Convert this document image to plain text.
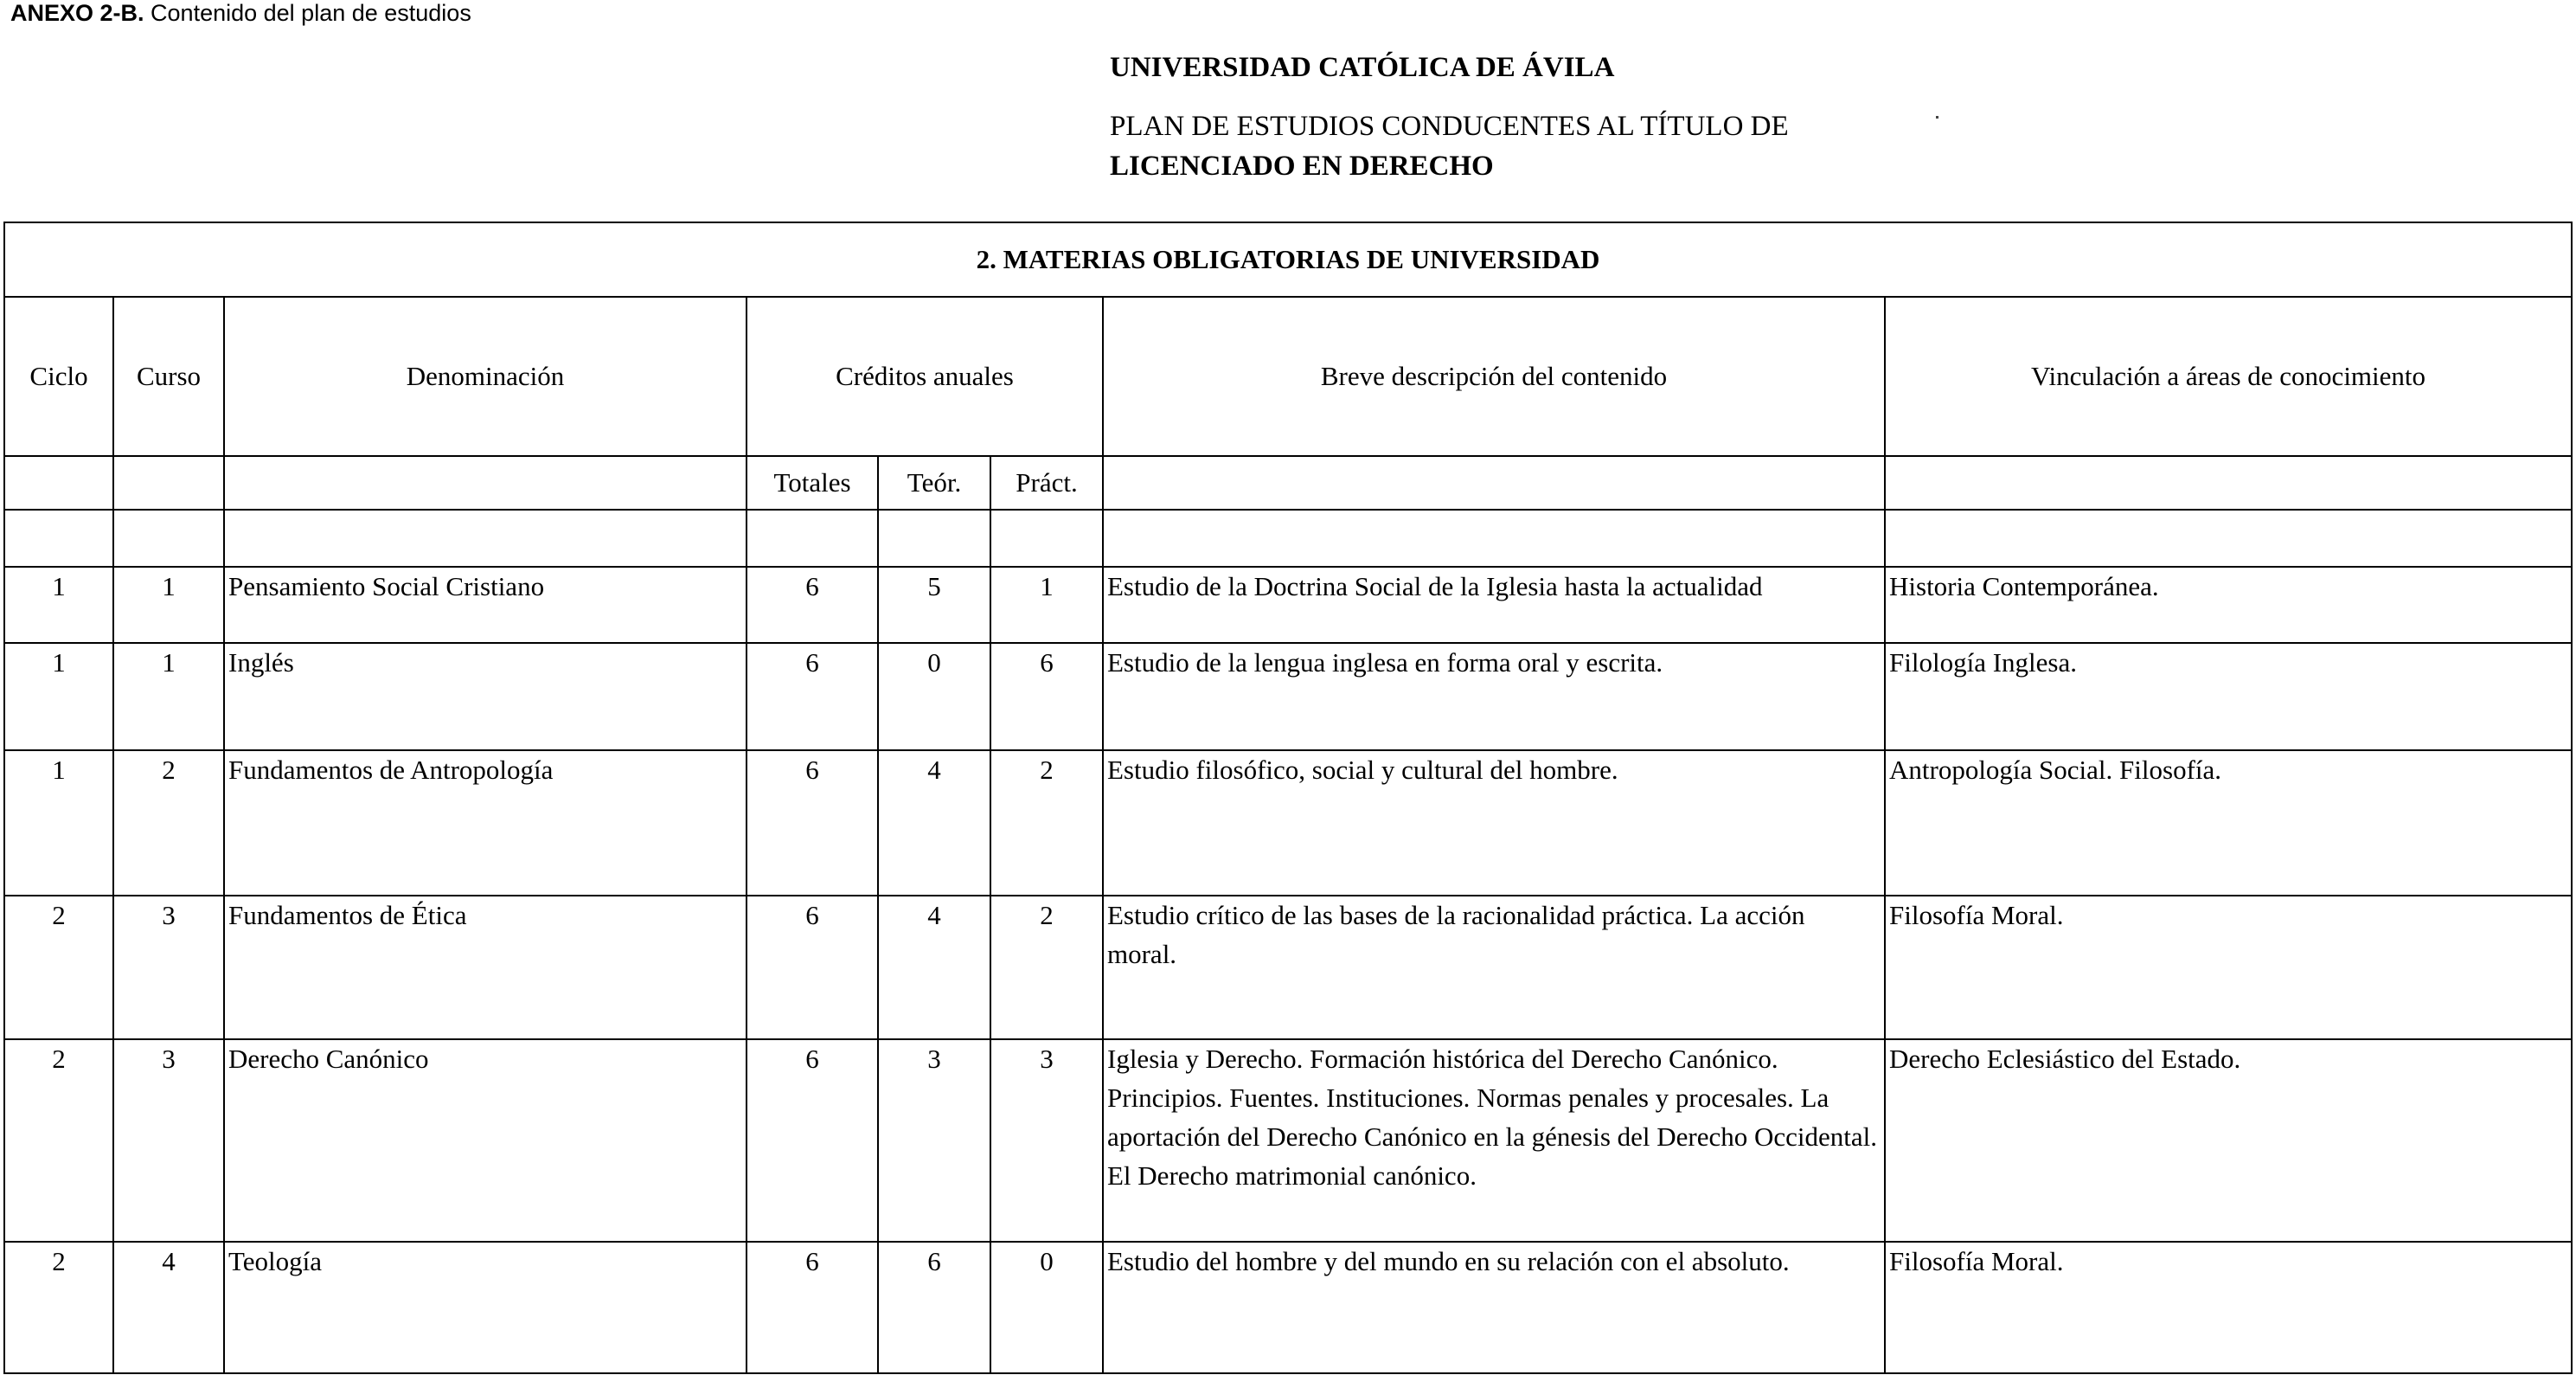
ANEXO 2-B. Contenido del plan de estudios
UNIVERSIDAD CATÓLICA DE ÁVILA
PLAN DE ESTUDIOS CONDUCENTES AL TÍTULO DE
LICENCIADO EN DERECHO
2. MATERIAS OBLIGATORIAS DE UNIVERSIDAD							
Ciclo	Curso	Denominación	Créditos anuales			Breve descripción del contenido	Vinculación a áreas de conocimiento
			Totales	Teór.	Práct.		

1	1	Pensamiento Social Cristiano	6	5	1	Estudio de la Doctrina Social de la Iglesia hasta la actualidad	Historia Contemporánea.
1	1	Inglés	6	0	6	Estudio de la lengua inglesa en forma oral y escrita.	Filología Inglesa.
1	2	Fundamentos de Antropología	6	4	2	Estudio filosófico, social y cultural del hombre.	Antropología Social. Filosofía.
2	3	Fundamentos de Ética	6	4	2	Estudio crítico de las bases de la racionalidad práctica. La acción moral.	Filosofía Moral.
2	3	Derecho Canónico	6	3	3	Iglesia y Derecho. Formación histórica del Derecho Canónico. Principios. Fuentes. Instituciones. Normas penales y procesales. La aportación del Derecho Canónico en la génesis del Derecho Occidental. El Derecho matrimonial canónico.	Derecho Eclesiástico del Estado.
2	4	Teología	6	6	0	Estudio del hombre y del mundo en su relación con el absoluto.	Filosofía Moral.
